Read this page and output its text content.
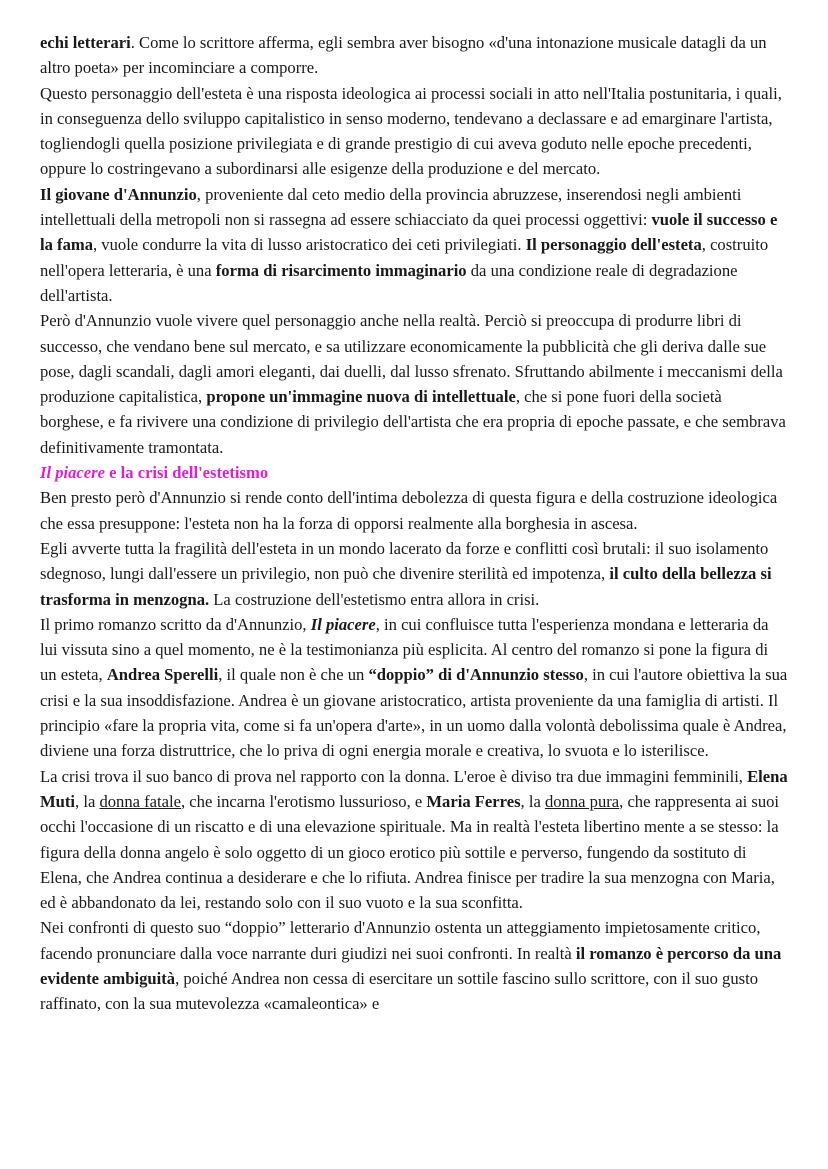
echi letterari. Come lo scrittore afferma, egli sembra aver bisogno «d'una intonazione musicale datagli da un altro poeta» per incominciare a comporre.

Questo personaggio dell'esteta è una risposta ideologica ai processi sociali in atto nell'Italia postunitaria, i quali, in conseguenza dello sviluppo capitalistico in senso moderno, tendevano a declassare e ad emarginare l'artista, togliendogli quella posizione privilegiata e di grande prestigio di cui aveva goduto nelle epoche precedenti, oppure lo costringevano a subordinarsi alle esigenze della produzione e del mercato.

Il giovane d'Annunzio, proveniente dal ceto medio della provincia abruzzese, inserendosi negli ambienti intellettuali della metropoli non si rassegna ad essere schiacciato da quei processi oggettivi: vuole il successo e la fama, vuole condurre la vita di lusso aristocratico dei ceti privilegiati. Il personaggio dell'esteta, costruito nell'opera letteraria, è una forma di risarcimento immaginario da una condizione reale di degradazione dell'artista.

Però d'Annunzio vuole vivere quel personaggio anche nella realtà. Perciò si preoccupa di produrre libri di successo, che vendano bene sul mercato, e sa utilizzare economicamente la pubblicità che gli deriva dalle sue pose, dagli scandali, dagli amori eleganti, dai duelli, dal lusso sfrenato. Sfruttando abilmente i meccanismi della produzione capitalistica, propone un'immagine nuova di intellettuale, che si pone fuori della società borghese, e fa rivivere una condizione di privilegio dell'artista che era propria di epoche passate, e che sembrava definitivamente tramontata.

Il piacere e la crisi dell'estetismo

Ben presto però d'Annunzio si rende conto dell'intima debolezza di questa figura e della costruzione ideologica che essa presuppone: l'esteta non ha la forza di opporsi realmente alla borghesia in ascesa.

Egli avverte tutta la fragilità dell'esteta in un mondo lacerato da forze e conflitti così brutali: il suo isolamento sdegnoso, lungi dall'essere un privilegio, non può che divenire sterilità ed impotenza, il culto della bellezza si trasforma in menzogna. La costruzione dell'estetismo entra allora in crisi.

Il primo romanzo scritto da d'Annunzio, Il piacere, in cui confluisce tutta l'esperienza mondana e letteraria da lui vissuta sino a quel momento, ne è la testimonianza più esplicita. Al centro del romanzo si pone la figura di un esteta, Andrea Sperelli, il quale non è che un “doppio” di d'Annunzio stesso, in cui l'autore obiettiva la sua crisi e la sua insoddisfazione. Andrea è un giovane aristocratico, artista proveniente da una famiglia di artisti. Il principio «fare la propria vita, come si fa un'opera d'arte», in un uomo dalla volontà debolissima quale è Andrea, diviene una forza distruttrice, che lo priva di ogni energia morale e creativa, lo svuota e lo isterilisce.

La crisi trova il suo banco di prova nel rapporto con la donna. L'eroe è diviso tra due immagini femminili, Elena Muti, la donna fatale, che incarna l'erotismo lussurioso, e Maria Ferres, la donna pura, che rappresenta ai suoi occhi l'occasione di un riscatto e di una elevazione spirituale. Ma in realtà l'esteta libertino mente a se stesso: la figura della donna angelo è solo oggetto di un gioco erotico più sottile e perverso, fungendo da sostituto di Elena, che Andrea continua a desiderare e che lo rifiuta. Andrea finisce per tradire la sua menzogna con Maria, ed è abbandonato da lei, restando solo con il suo vuoto e la sua sconfitta.

Nei confronti di questo suo “doppio” letterario d'Annunzio ostenta un atteggiamento impietosamente critico, facendo pronunciare dalla voce narrante duri giudizi nei suoi confronti. In realtà il romanzo è percorso da una evidente ambiguità, poiché Andrea non cessa di esercitare un sottile fascino sullo scrittore, con il suo gusto raffinato, con la sua mutevolezza «camaleontica» e
